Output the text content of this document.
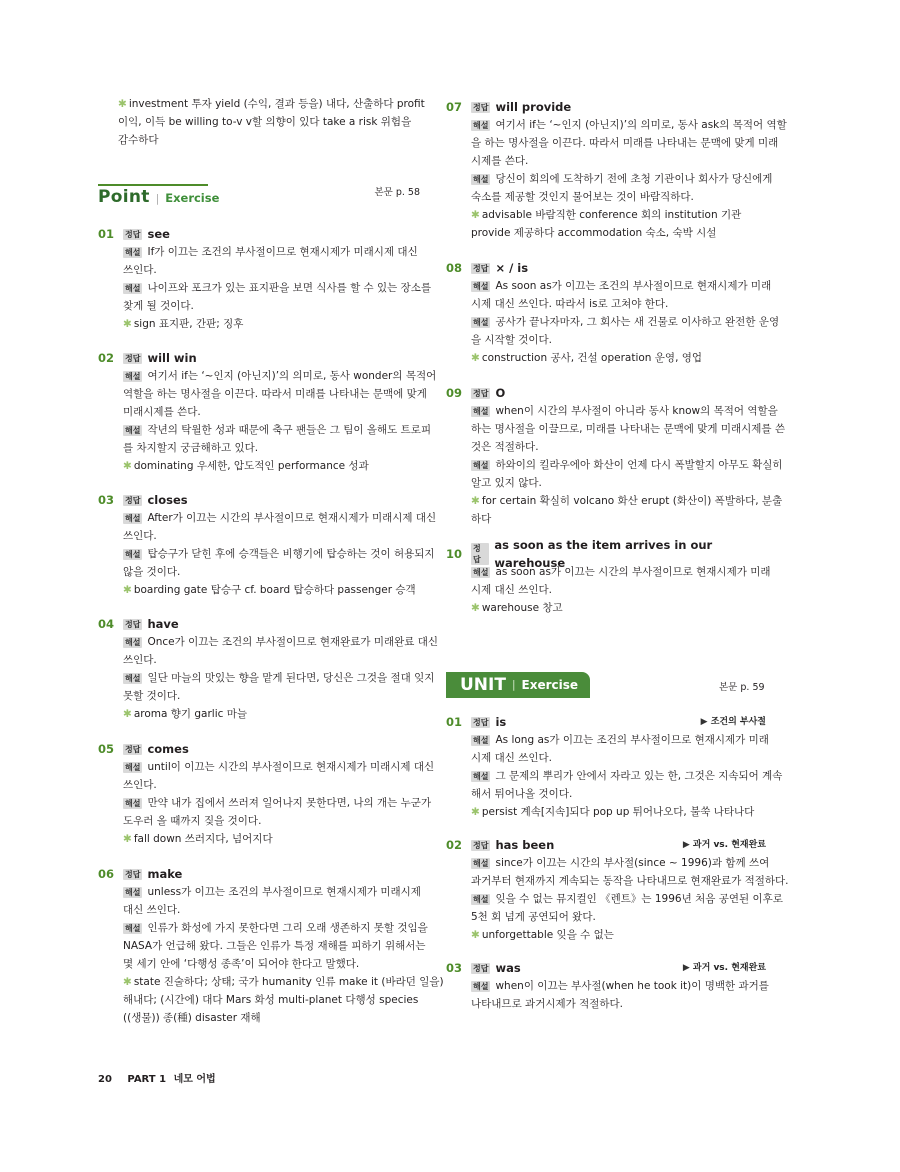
✱ investment 투자 yield (수익, 결과 등을) 내다, 산출하다 profit
이익, 이득 be willing to-v v할 의향이 있다 take a risk 위험을
감수하다
Point | Exercise	본문 p. 58
01	정답 see
해설 If가 이끄는 조건의 부사절이므로 현재시제가 미래시제 대신
쓰인다.
해설 나이프와 포크가 있는 표지판을 보면 식사를 할 수 있는 장소를
찾게 될 것이다.
✱ sign 표지판, 간판; 징후
02	정답 will win
해설 여기서 if는 ‘~인지 (아닌지)’의 의미로, 동사 wonder의 목적어
역할을 하는 명사절을 이끈다. 따라서 미래를 나타내는 문맥에 맞게
미래시제를 쓴다.
해설 작년의 탁월한 성과 때문에 축구 팬들은 그 팀이 올해도 트로피
를 차지할지 궁금해하고 있다.
✱ dominating 우세한, 압도적인 performance 성과
03	정답 closes
해설 After가 이끄는 시간의 부사절이므로 현재시제가 미래시제 대신
쓰인다.
해설 탑승구가 닫힌 후에 승객들은 비행기에 탑승하는 것이 허용되지
않을 것이다.
✱ boarding gate 탑승구 cf. board 탑승하다 passenger 승객
04	정답 have
해설 Once가 이끄는 조건의 부사절이므로 현재완료가 미래완료 대신
쓰인다.
해설 일단 마늘의 맛있는 향을 맡게 된다면, 당신은 그것을 절대 잊지
못할 것이다.
✱ aroma 향기 garlic 마늘
05	정답 comes
해설 until이 이끄는 시간의 부사절이므로 현재시제가 미래시제 대신
쓰인다.
해설 만약 내가 집에서 쓰러져 일어나지 못한다면, 나의 개는 누군가
도우러 올 때까지 짖을 것이다.
✱ fall down 쓰러지다, 넘어지다
06	정답 make
해설 unless가 이끄는 조건의 부사절이므로 현재시제가 미래시제
대신 쓰인다.
해설 인류가 화성에 가지 못한다면 그리 오래 생존하지 못할 것임을
NASA가 언급해 왔다. 그들은 인류가 특정 재해를 피하기 위해서는
몇 세기 안에 ‘다행성 종족’이 되어야 한다고 말했다.
✱ state 진술하다; 상태; 국가 humanity 인류 make it (바라던 일을)
해내다; (시간에) 대다 Mars 화성 multi-planet 다행성 species
((생물)) 종(種) disaster 재해
07	정답 will provide
해설 여기서 if는 ‘~인지 (아닌지)’의 의미로, 동사 ask의 목적어 역할
을 하는 명사절을 이끈다. 따라서 미래를 나타내는 문맥에 맞게 미래
시제를 쓴다.
해설 당신이 회의에 도착하기 전에 초청 기관이나 회사가 당신에게
숙소를 제공할 것인지 물어보는 것이 바람직하다.
✱ advisable 바람직한 conference 회의 institution 기관
provide 제공하다 accommodation 숙소, 숙박 시설
08	정답 × / is
해설 As soon as가 이끄는 조건의 부사절이므로 현재시제가 미래
시제 대신 쓰인다. 따라서 is로 고쳐야 한다.
해설 공사가 끝나자마자, 그 회사는 새 건물로 이사하고 완전한 운영
을 시작할 것이다.
✱ construction 공사, 건설 operation 운영, 영업
09	정답 O
해설 when이 시간의 부사절이 아니라 동사 know의 목적어 역할을
하는 명사절을 이끌므로, 미래를 나타내는 문맥에 맞게 미래시제를 쓴
것은 적절하다.
해설 하와이의 킬라우에아 화산이 언제 다시 폭발할지 아무도 확실히
알고 있지 않다.
✱ for certain 확실히 volcano 화산 erupt (화산이) 폭발하다, 분출
하다
10	정답
as soon as the item arrives in our warehouse
해설 as soon as가 이끄는 시간의 부사절이므로 현재시제가 미래
시제 대신 쓰인다.
✱ warehouse 창고
UNIT | Exercise	본문 p. 59
01	정답 is	▶ 조건의 부사절
해설 As long as가 이끄는 조건의 부사절이므로 현재시제가 미래
시제 대신 쓰인다.
해설 그 문제의 뿌리가 안에서 자라고 있는 한, 그것은 지속되어 계속
해서 튀어나올 것이다.
✱ persist 계속[지속]되다 pop up 튀어나오다, 불쑥 나타나다
02	정답 has been	▶ 과거 vs. 현재완료
해설 since가 이끄는 시간의 부사절(since ~ 1996)과 함께 쓰여
과거부터 현재까지 계속되는 동작을 나타내므로 현재완료가 적절하다.
해설 잊을 수 없는 뮤지컬인 《렌트》는 1996년 처음 공연된 이후로
5천 회 넘게 공연되어 왔다.
✱ unforgettable 잊을 수 없는
03	정답 was	▶ 과거 vs. 현재완료
해설 when이 이끄는 부사절(when he took it)이 명백한 과거를
나타내므로 과거시제가 적절하다.
20 PART 1 네모 어법
